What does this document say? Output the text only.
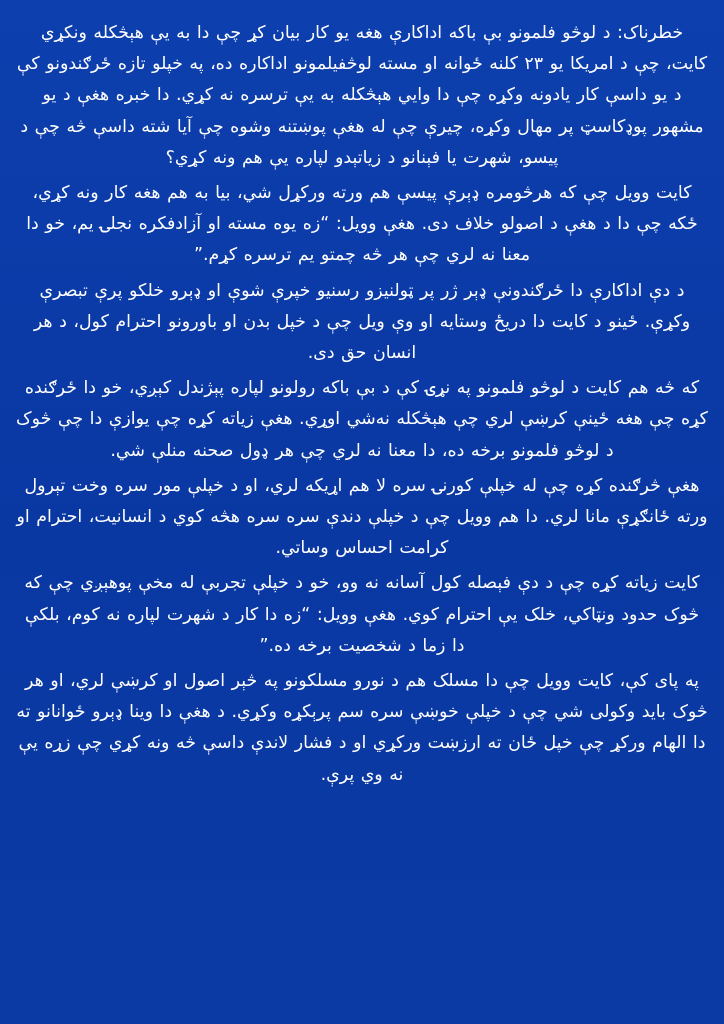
خطرناک: د لوڅو فلمونو بې باکه اداکارې هغه یو کار بیان کړ چې دا به یې هېڅکله ونکړي

کایت، چې د امریکا یو ۲۳ کلنه ځوانه او مسته لوڅفیلمونو اداکاره ده، په خپلو تازه ځرګندونو کې د یو داسې کار یادونه وکړه چې دا وایي هېڅکله به یې ترسره نه کړي. دا خبره هغې د یو مشهور پوډکاسټ پر مهال وکړه، چیرې چې له هغې پوښتنه وشوه چې آیا شته داسې څه چې د پیسو، شهرت یا فېنانو د زیاتېدو لپاره یې هم ونه کړي؟

کایت وویل چې که هرڅومره ډېرې پیسې هم ورته ورکړل شي، بیا به هم هغه کار ونه کړي، ځکه چې دا د هغې د اصولو خلاف دی. هغې وویل: “زه یوه مسته او آزادفکره نجلۍ یم، خو دا معنا نه لري چې هر څه چمتو یم ترسره کړم.”

د دې اداکارې دا ځرګندونې ډېر ژر پر ټولنیزو رسنیو خپرې شوې او ډېرو خلکو پرې تبصرې وکړې. ځینو د کایت دا دریځ وستایه او وې ویل چې د خپل بدن او باورونو احترام کول، د هر انسان حق دی.

که څه هم کایت د لوڅو فلمونو په نړۍ کې د بې باکه رولونو لپاره پېژندل کېږي، خو دا ځرګنده کړه چې هغه ځینې کرښې لري چې هېڅکله نه‌شي اوړي. هغې زیاته کړه چې یوازې دا چې څوک د لوڅو فلمونو برخه ده، دا معنا نه لري چې هر ډول صحنه منلې شي.

هغې څرګنده کړه چې له خپلې کورنۍ سره لا هم اړیکه لري، او د خپلې مور سره وخت تېرول ورته ځانګړې مانا لري. دا هم وویل چې د خپلې دندې سره سره هڅه کوي د انسانیت، احترام او کرامت احساس وساتي.

کایت زیاته کړه چې د دې فېصله کول آسانه نه وو، خو د خپلې تجربې له مخې پوهېږي چې که څوک حدود ونټاکي، خلک یې احترام کوي. هغې وویل: “زه دا کار د شهرت لپاره نه کوم، بلکې دا زما د شخصیت برخه ده.”

په پای کې، کایت وویل چې دا مسلک هم د نورو مسلکونو په څېر اصول او کرښې لري، او هر څوک باید وکولی شي چې د خپلې خوښې سره سم پرېکړه وکړي. د هغې دا وینا ډېرو ځوانانو ته دا الهام ورکړ چې خپل ځان ته ارزښت ورکړي او د فشار لاندې داسې څه ونه کړي چې زړه یې نه وي پرې.
